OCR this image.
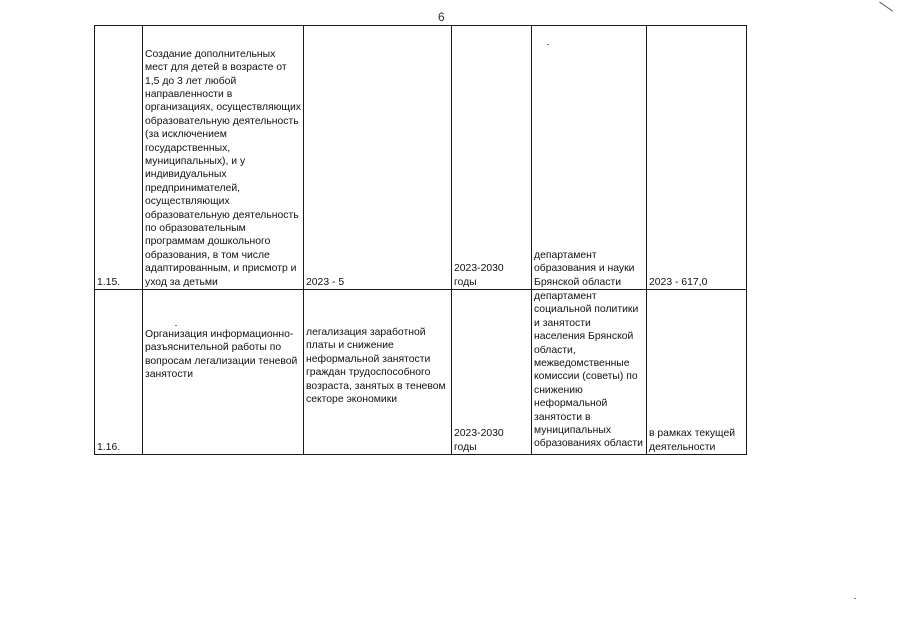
6
1.15.	Создание дополнительных мест для детей в возрасте от 1,5 до 3 лет любой направленности в организациях, осуществляющих образовательную деятельность (за исключением государственных, муниципальных), и у индивидуальных предпринимателей, осуществляющих образовательную деятельность по образовательным программам дошкольного образования, в том числе адаптированным, и присмотр и уход за детьми	2023 - 5	2023-2030 годы	департамент образования и науки Брянской области	2023 - 617,0
1.16.	Организация информационно-разъяснительной работы по вопросам легализации теневой занятости	легализация заработной платы и снижение неформальной занятости граждан трудоспособного возраста, занятых в теневом секторе экономики	2023-2030 годы	департамент социальной политики и занятости населения Брянской области, межведомственные комиссии (советы) по снижению неформальной занятости в муниципальных образованиях области	в рамках текущей деятельности
